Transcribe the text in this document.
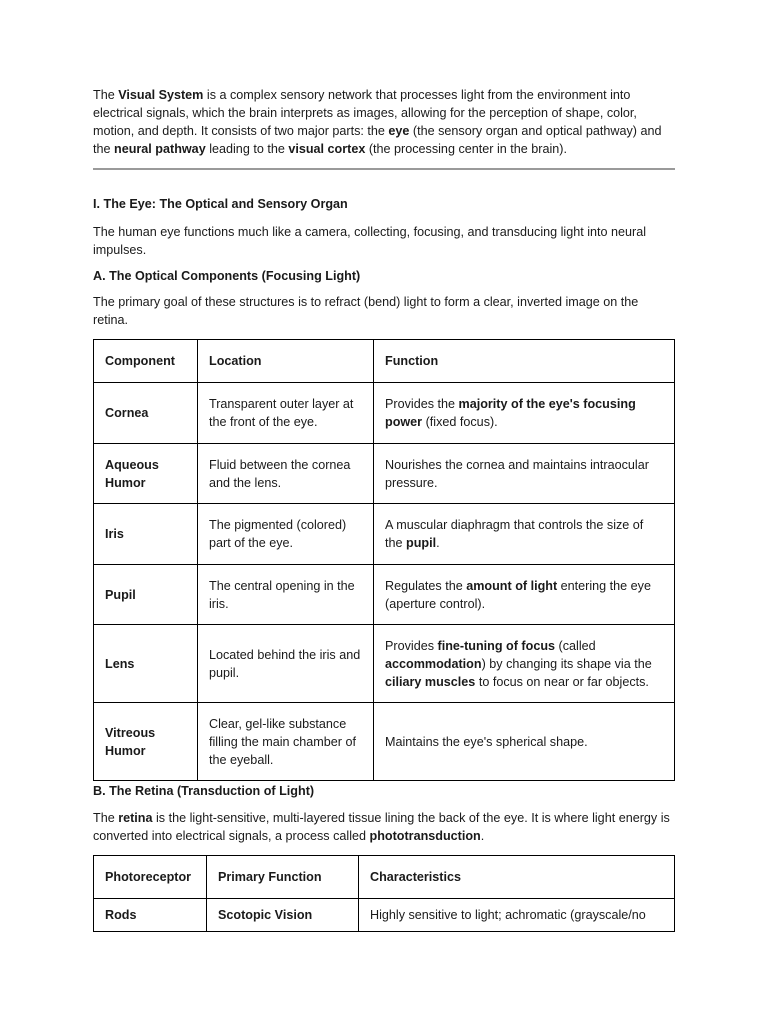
The Visual System is a complex sensory network that processes light from the environment into electrical signals, which the brain interprets as images, allowing for the perception of shape, color, motion, and depth. It consists of two major parts: the eye (the sensory organ and optical pathway) and the neural pathway leading to the visual cortex (the processing center in the brain).

I. The Eye: The Optical and Sensory Organ

The human eye functions much like a camera, collecting, focusing, and transducing light into neural impulses.

A. The Optical Components (Focusing Light)

The primary goal of these structures is to refract (bend) light to form a clear, inverted image on the retina.

Component	Location	Function
Cornea	Transparent outer layer at the front of the eye.	Provides the majority of the eye's focusing power (fixed focus).
Aqueous Humor	Fluid between the cornea and the lens.	Nourishes the cornea and maintains intraocular pressure.
Iris	The pigmented (colored) part of the eye.	A muscular diaphragm that controls the size of the pupil.
Pupil	The central opening in the iris.	Regulates the amount of light entering the eye (aperture control).
Lens	Located behind the iris and pupil.	Provides fine-tuning of focus (called accommodation) by changing its shape via the ciliary muscles to focus on near or far objects.
Vitreous Humor	Clear, gel-like substance filling the main chamber of the eyeball.	Maintains the eye's spherical shape.

B. The Retina (Transduction of Light)

The retina is the light-sensitive, multi-layered tissue lining the back of the eye. It is where light energy is converted into electrical signals, a process called phototransduction.

Photoreceptor	Primary Function	Characteristics
Rods	Scotopic Vision	Highly sensitive to light; achromatic (grayscale/no
